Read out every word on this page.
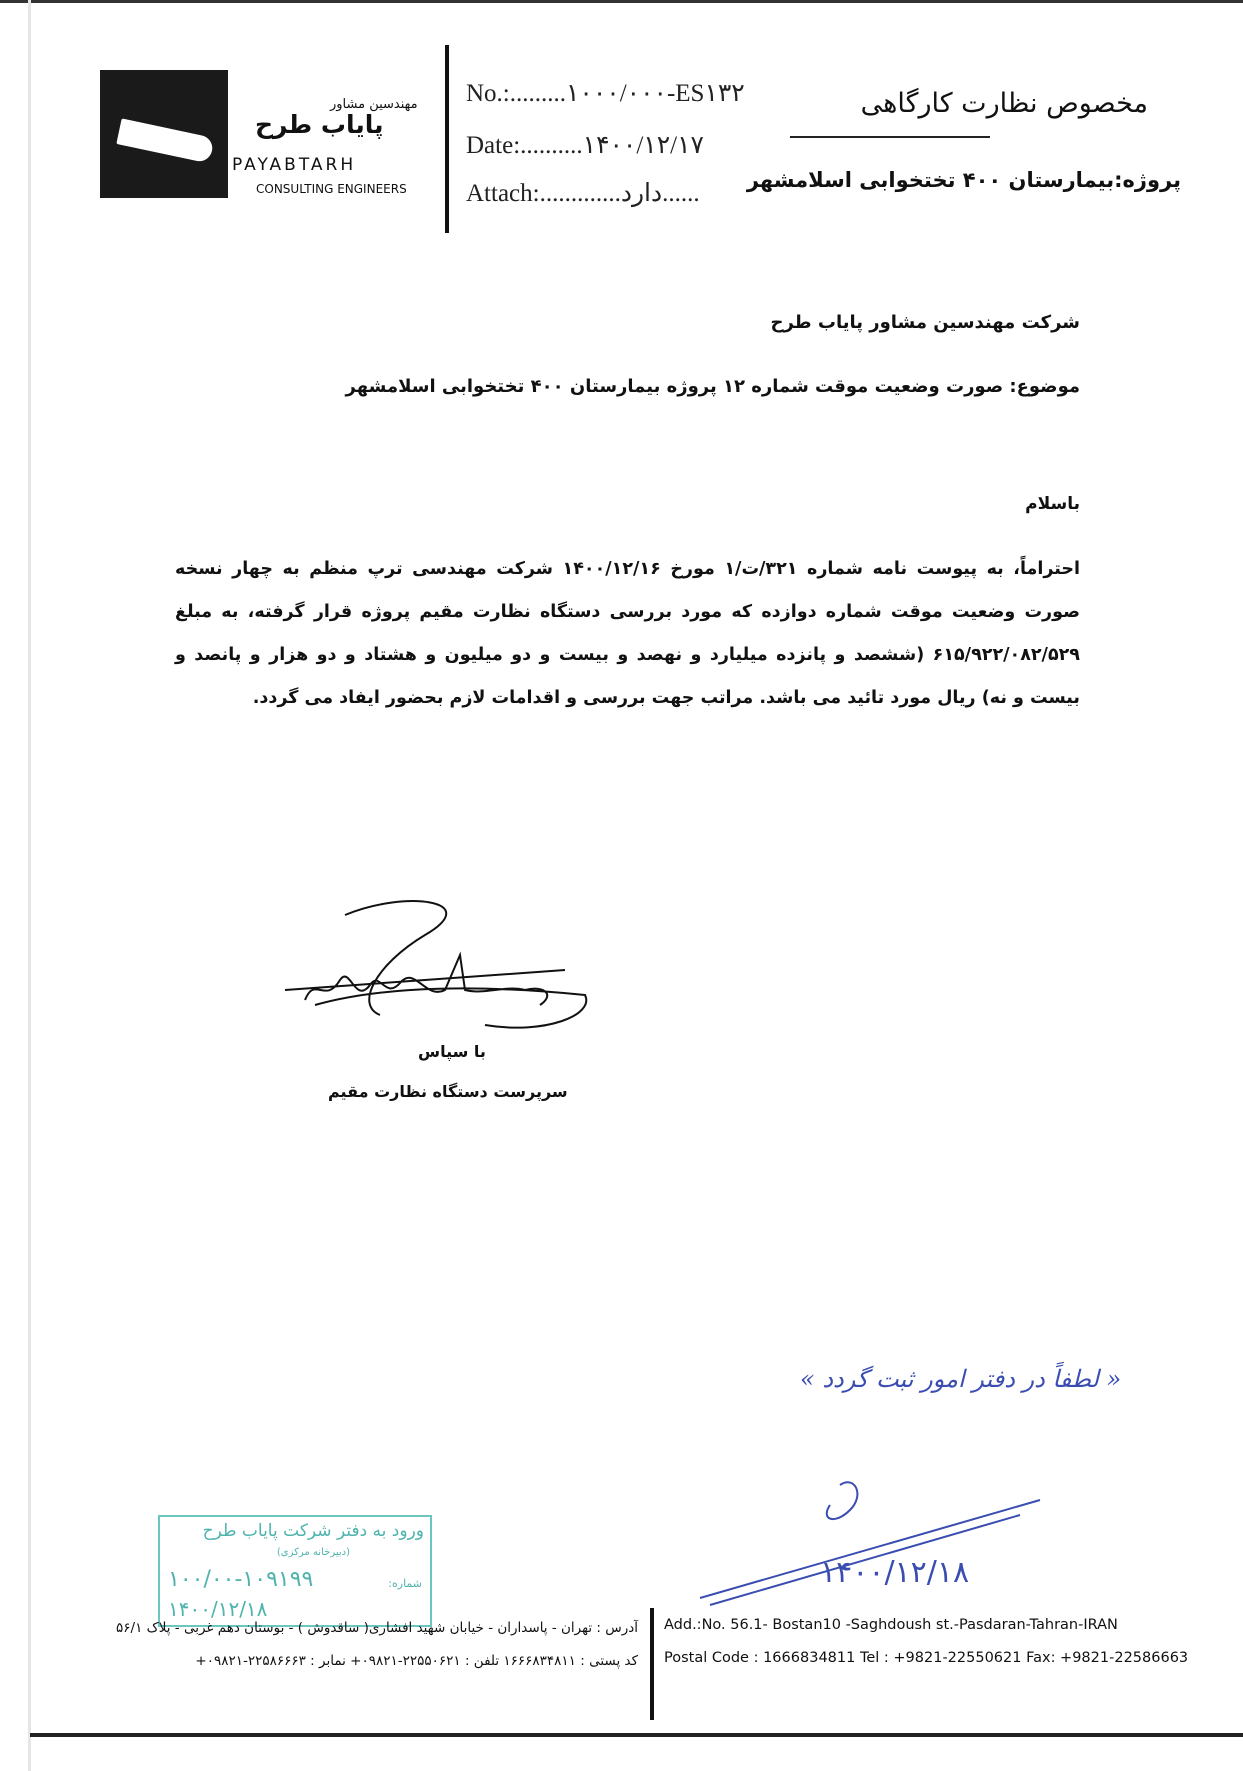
مهندسین مشاور
پایاب طرح
PAYABTARH
CONSULTING ENGINEERS
No.:.........۱۰۰۰/۰۰۰-ES۱۳۲
Date:..........۱۴۰۰/۱۲/۱۷
Attach:.............دارد......
مخصوص نظارت کارگاهی
پروژه:بیمارستان ۴۰۰ تختخوابی اسلامشهر
شرکت مهندسین مشاور پایاب طرح
موضوع: صورت وضعیت موقت شماره ۱۲ پروژه بیمارستان ۴۰۰ تختخوابی اسلامشهر
باسلام
احتراماً، به پیوست نامه شماره ۳۲۱/ت/۱ مورخ ۱۴۰۰/۱۲/۱۶ شرکت مهندسی ترپ منظم به چهار نسخه صورت وضعیت موقت شماره دوازده که مورد بررسی دستگاه نظارت مقیم پروژه قرار گرفته، به مبلغ ۶۱۵/۹۲۲/۰۸۲/۵۲۹ (ششصد و پانزده میلیارد و نهصد و بیست و دو میلیون و هشتاد و دو هزار و پانصد و بیست و نه) ریال مورد تائید می باشد. مراتب جهت بررسی و اقدامات لازم بحضور ایفاد می گردد.
با سپاس
سرپرست دستگاه نظارت مقیم
« لطفاً در دفتر امور ثبت گردد »
۱۴۰۰/۱۲/۱۸
ورود به دفتر شرکت پایاب طرح
(دبیرخانه مرکزی)
شماره:
۱۰۰/۰۰-۱۰۹۱۹۹
۱۴۰۰/۱۲/۱۸
آدرس : تهران - پاسداران - خیابان شهید افشاری( ساقدوش ) - بوستان دهم غربی - پلاک ۵۶/۱
کد پستی : ۱۶۶۶۸۳۴۸۱۱ تلفن : ۲۲۵۵۰۶۲۱-۰۹۸۲۱+ نمابر : ۲۲۵۸۶۶۶۳-۰۹۸۲۱+
Add.:No. 56.1- Bostan10 -Saghdoush st.-Pasdaran-Tahran-IRAN
Postal Code : 1666834811 Tel : +9821-22550621 Fax: +9821-22586663
